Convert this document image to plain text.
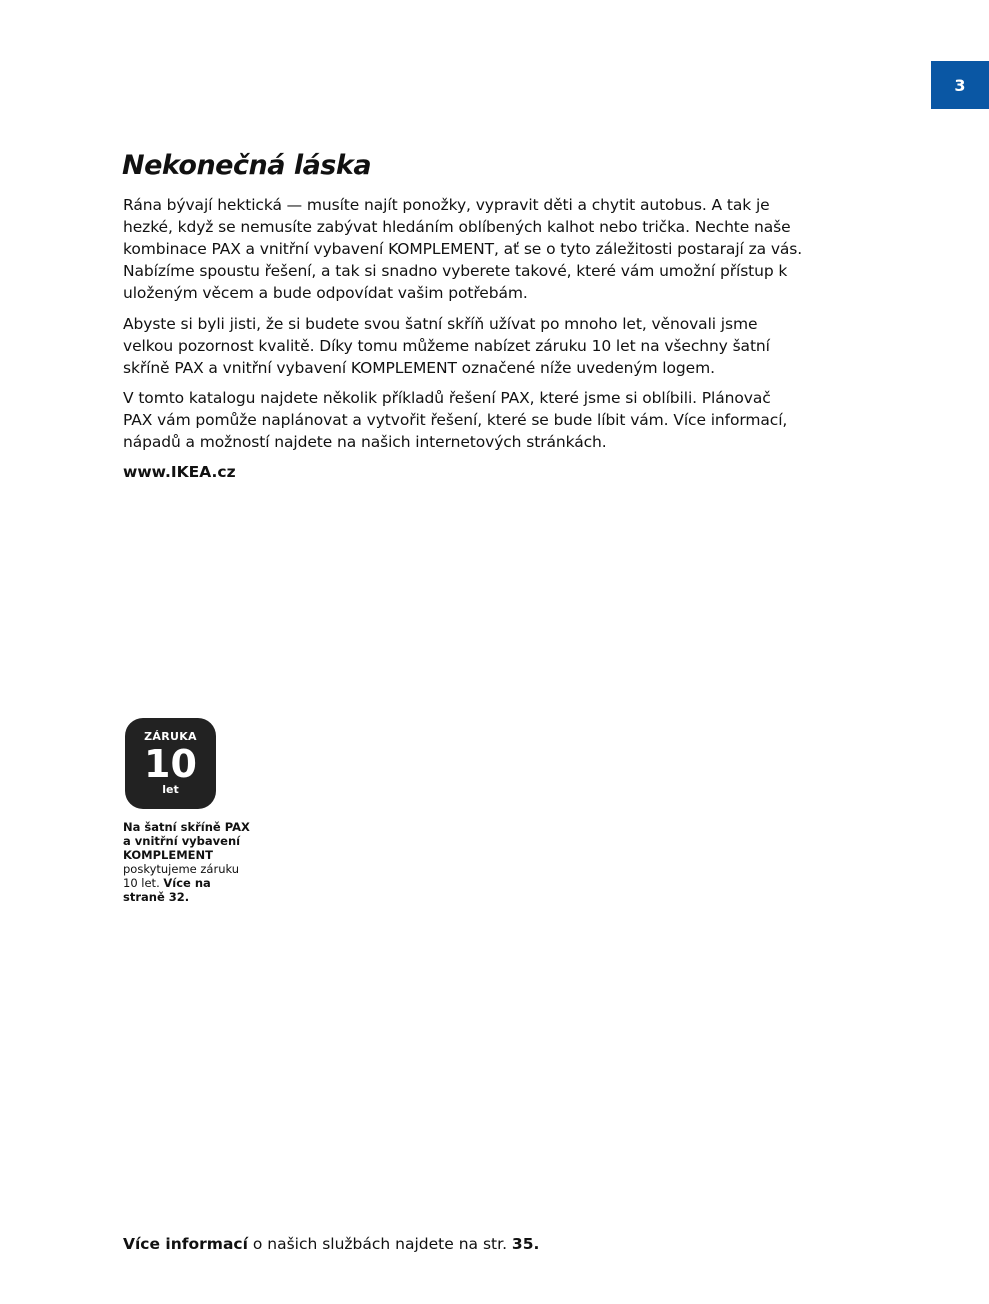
3
Nekonečná láska

Rána bývají hektická — musíte najít ponožky, vypravit děti a chytit autobus. A tak je hezké, když se nemusíte zabývat hledáním oblíbených kalhot nebo trička. Nechte naše kombinace PAX a vnitřní vybavení KOMPLEMENT, ať se o tyto záležitosti postarají za vás. Nabízíme spoustu řešení, a tak si snadno vyberete takové, které vám umožní přístup k uloženým věcem a bude odpovídat vašim potřebám.

Abyste si byli jisti, že si budete svou šatní skříň užívat po mnoho let, věnovali jsme velkou pozornost kvalitě. Díky tomu můžeme nabízet záruku 10 let na všechny šatní skříně PAX a vnitřní vybavení KOMPLEMENT označené níže uvedeným logem.

V tomto katalogu najdete několik příkladů řešení PAX, které jsme si oblíbili. Plánovač PAX vám pomůže naplánovat a vytvořit řešení, které se bude líbit vám. Více informací, nápadů a možností najdete na našich internetových stránkách.

www.IKEA.cz

ZÁRUKA
10
let

Na šatní skříně PAX a vnitřní vybavení KOMPLEMENT poskytujeme záruku 10 let. Více na straně 32.

Více informací o našich službách najdete na str. 35.
